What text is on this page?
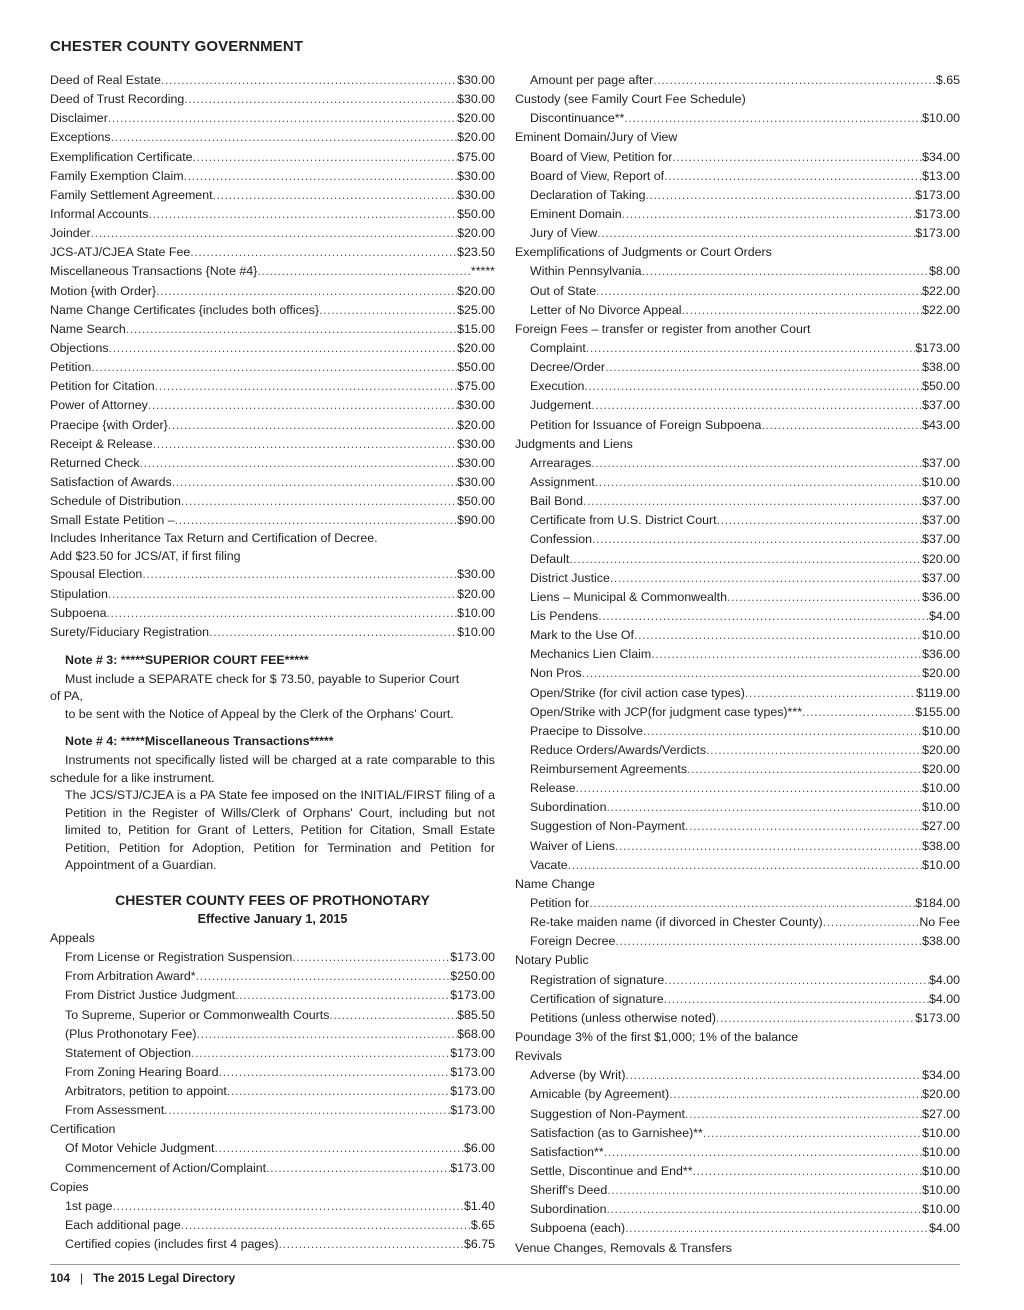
CHESTER COUNTY GOVERNMENT
Deed of Real Estate .....	$30.00
Deed of Trust Recording .....	$30.00
Disclaimer .....	$20.00
Exceptions .....	$20.00
Exemplification Certificate .....	$75.00
Family Exemption Claim .....	$30.00
Family Settlement Agreement .....	$30.00
Informal Accounts .....	$50.00
Joinder .....	$20.00
JCS-ATJ/CJEA State Fee .....	$23.50
Miscellaneous Transactions {Note #4} .....	*****
Motion {with Order} .....	$20.00
Name Change Certificates {includes both offices} .....	$25.00
Name Search .....	$15.00
Objections .....	$20.00
Petition .....	$50.00
Petition for Citation .....	$75.00
Power of Attorney .....	$30.00
Praecipe {with Order} .....	$20.00
Receipt & Release .....	$30.00
Returned Check .....	$30.00
Satisfaction of Awards .....	$30.00
Schedule of Distribution .....	$50.00
Small Estate Petition – .....	$90.00
Includes Inheritance Tax Return and Certification of Decree.
Add $23.50 for JCS/AT, if first filing
Spousal Election .....	$30.00
Stipulation .....	$20.00
Subpoena .....	$10.00
Surety/Fiduciary Registration .....	$10.00
Note # 3: *****SUPERIOR COURT FEE*****
Must include a SEPARATE check for $ 73.50, payable to Superior Court
of PA,
to be sent with the Notice of Appeal by the Clerk of the Orphans' Court.
Note # 4: *****Miscellaneous Transactions*****
Instruments not specifically listed will be charged at a rate comparable to this schedule for a like instrument.
The JCS/STJ/CJEA is a PA State fee imposed on the INITIAL/FIRST filing of a Petition in the Register of Wills/Clerk of Orphans' Court, including but not limited to, Petition for Grant of Letters, Petition for Citation, Small Estate Petition, Petition for Adoption, Petition for Termination and Petition for Appointment of a Guardian.
CHESTER COUNTY FEES OF PROTHONOTARY
Effective January 1, 2015
Appeals
From License or Registration Suspension .....	$173.00
From Arbitration Award* .....	$250.00
From District Justice Judgment .....	$173.00
To Supreme, Superior or Commonwealth Courts .....	$85.50
(Plus Prothonotary Fee) .....	$68.00
Statement of Objection .....	$173.00
From Zoning Hearing Board .....	$173.00
Arbitrators, petition to appoint .....	$173.00
From Assessment .....	$173.00
Certification
Of Motor Vehicle Judgment .....	$6.00
Commencement of Action/Complaint .....	$173.00
Copies
1st page .....	$1.40
Each additional page .....	$.65
Certified copies (includes first 4 pages) .....	$6.75
Amount per page after .....	$.65
Custody (see Family Court Fee Schedule)
Discontinuance** .....	$10.00
Eminent Domain/Jury of View
Board of View, Petition for .....	$34.00
Board of View, Report of .....	$13.00
Declaration of Taking .....	$173.00
Eminent Domain .....	$173.00
Jury of View .....	$173.00
Exemplifications of Judgments or Court Orders
Within Pennsylvania .....	$8.00
Out of State .....	$22.00
Letter of No Divorce Appeal .....	$22.00
Foreign Fees – transfer or register from another Court
Complaint .....	$173.00
Decree/Order .....	$38.00
Execution .....	$50.00
Judgement .....	$37.00
Petition for Issuance of Foreign Subpoena .....	$43.00
Judgments and Liens
Arrearages .....	$37.00
Assignment .....	$10.00
Bail Bond .....	$37.00
Certificate from U.S. District Court .....	$37.00
Confession .....	$37.00
Default .....	$20.00
District Justice .....	$37.00
Liens – Municipal & Commonwealth .....	$36.00
Lis Pendens .....	$4.00
Mark to the Use Of .....	$10.00
Mechanics Lien Claim .....	$36.00
Non Pros .....	$20.00
Open/Strike (for civil action case types) .....	$119.00
Open/Strike with JCP(for judgment case types)*** .....	$155.00
Praecipe to Dissolve .....	$10.00
Reduce Orders/Awards/Verdicts .....	$20.00
Reimbursement Agreements .....	$20.00
Release .....	$10.00
Subordination .....	$10.00
Suggestion of Non-Payment .....	$27.00
Waiver of Liens .....	$38.00
Vacate .....	$10.00
Name Change
Petition for .....	$184.00
Re-take maiden name (if divorced in Chester County) .....	No Fee
Foreign Decree .....	$38.00
Notary Public
Registration of signature .....	$4.00
Certification of signature .....	$4.00
Petitions (unless otherwise noted) .....	$173.00
Poundage 3% of the first $1,000; 1% of the balance
Revivals
Adverse (by Writ) .....	$34.00
Amicable (by Agreement) .....	$20.00
Suggestion of Non-Payment .....	$27.00
Satisfaction (as to Garnishee)** .....	$10.00
Satisfaction** .....	$10.00
Settle, Discontinue and End** .....	$10.00
Sheriff's Deed .....	$10.00
Subordination .....	$10.00
Subpoena (each) .....	$4.00
Venue Changes, Removals & Transfers
104 | The 2015 Legal Directory
